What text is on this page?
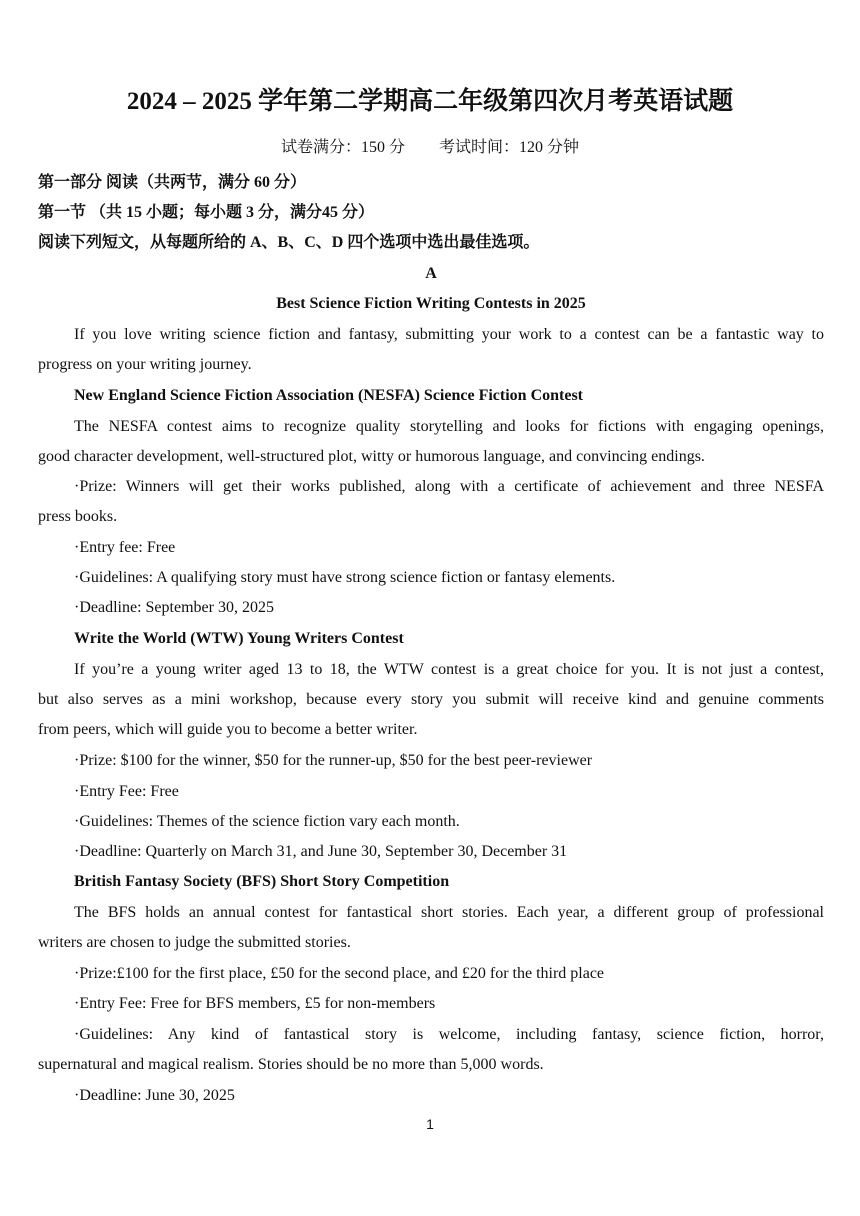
2024 – 2025 学年第二学期高二年级第四次月考英语试题
试卷满分：150 分 考试时间：120 分钟
第一部分 阅读（共两节，满分 60 分）
第一节 （共 15 小题；每小题 3 分，满分45 分）
阅读下列短文，从每题所给的 A、B、C、D 四个选项中选出最佳选项。
A
Best Science Fiction Writing Contests in 2025
If you love writing science fiction and fantasy, submitting your work to a contest can be a fantastic way to
progress on your writing journey.
New England Science Fiction Association (NESFA) Science Fiction Contest
The NESFA contest aims to recognize quality storytelling and looks for fictions with engaging openings,
good character development, well-structured plot, witty or humorous language, and convincing endings.
·Prize: Winners will get their works published, along with a certificate of achievement and three NESFA
press books.
·Entry fee: Free
·Guidelines: A qualifying story must have strong science fiction or fantasy elements.
·Deadline: September 30, 2025
Write the World (WTW) Young Writers Contest
If you’re a young writer aged 13 to 18, the WTW contest is a great choice for you. It is not just a contest,
but also serves as a mini workshop, because every story you submit will receive kind and genuine comments
from peers, which will guide you to become a better writer.
·Prize: $100 for the winner, $50 for the runner-up, $50 for the best peer-reviewer
·Entry Fee: Free
·Guidelines: Themes of the science fiction vary each month.
·Deadline: Quarterly on March 31, and June 30, September 30, December 31
British Fantasy Society (BFS) Short Story Competition
The BFS holds an annual contest for fantastical short stories. Each year, a different group of professional
writers are chosen to judge the submitted stories.
·Prize:£100 for the first place, £50 for the second place, and £20 for the third place
·Entry Fee: Free for BFS members, £5 for non-members
·Guidelines: Any kind of fantastical story is welcome, including fantasy, science fiction, horror,
supernatural and magical realism. Stories should be no more than 5,000 words.
·Deadline: June 30, 2025
1
